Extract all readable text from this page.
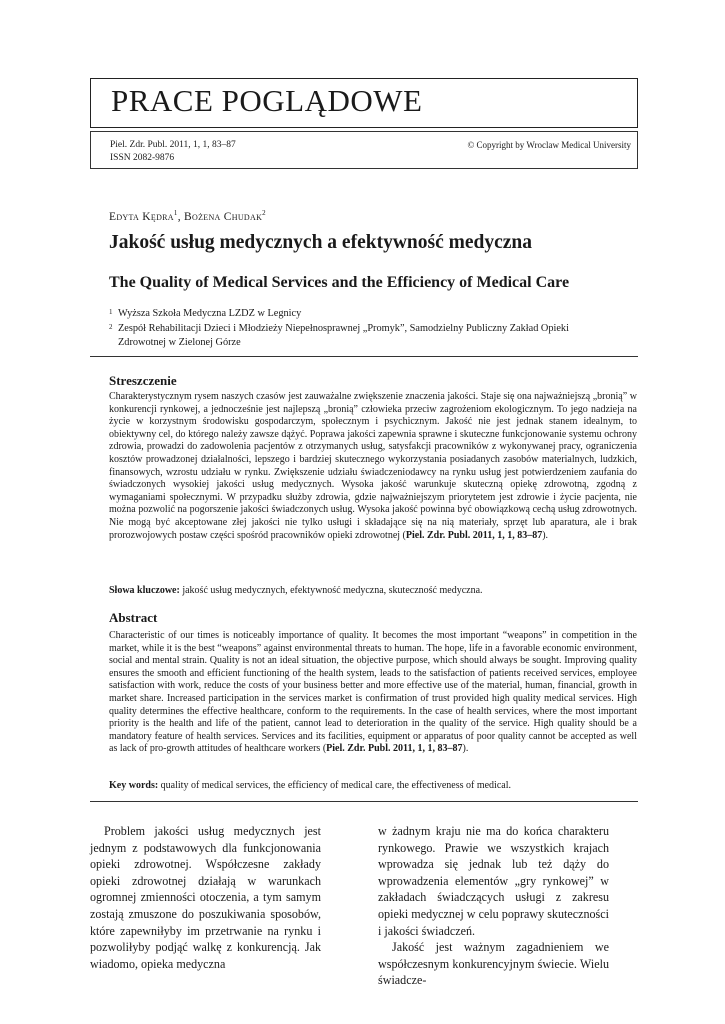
PRACE POGLĄDOWE
Piel. Zdr. Publ. 2011, 1, 1, 83–87
ISSN 2082-9876
© Copyright by Wroclaw Medical University
Edyta Kędra$^1$, Bożena Chudak$^2$
Jakość usług medycznych a efektywność medyczna
The Quality of Medical Services and the Efficiency of Medical Care
1 Wyższa Szkoła Medyczna LZDZ w Legnicy
2 Zespół Rehabilitacji Dzieci i Młodzieży Niepełnosprawnej „Promyk”, Samodzielny Publiczny Zakład Opieki Zdrowotnej w Zielonej Górze
Streszczenie
Charakterystycznym rysem naszych czasów jest zauważalne zwiększenie znaczenia jakości. Staje się ona najważniejszą „bronią” w konkurencji rynkowej, a jednocześnie jest najlepszą „bronią” człowieka przeciw zagrożeniom ekologicznym. To jego nadzieja na życie w korzystnym środowisku gospodarczym, społecznym i psychicznym. Jakość nie jest jednak stanem idealnym, to obiektywny cel, do którego należy zawsze dążyć. Poprawa jakości zapewnia sprawne i skuteczne funkcjonowanie systemu ochrony zdrowia, prowadzi do zadowolenia pacjentów z otrzymanych usług, satysfakcji pracowników z wykonywanej pracy, ograniczenia kosztów prowadzonej działalności, lepszego i bardziej skutecznego wykorzystania posiadanych zasobów materialnych, ludzkich, finansowych, wzrostu udziału w rynku. Zwiększenie udziału świadczeniodawcy na rynku usług jest potwierdzeniem zaufania do świadczonych wysokiej jakości usług medycznych. Wysoka jakość warunkuje skuteczną opiekę zdrowotną, zgodną z wymaganiami społecznymi. W przypadku służby zdrowia, gdzie najważniejszym priorytetem jest zdrowie i życie pacjenta, nie można pozwolić na pogorszenie jakości świadczonych usług. Wysoka jakość powinna być obowiązkową cechą usług zdrowotnych. Nie mogą być akceptowane złej jakości nie tylko usługi i składające się na nią materiały, sprzęt lub aparatura, ale i brak prorozwojowych postaw części spośród pracowników opieki zdrowotnej (Piel. Zdr. Publ. 2011, 1, 1, 83–87).
Słowa kluczowe: jakość usług medycznych, efektywność medyczna, skuteczność medyczna.
Abstract
Characteristic of our times is noticeably importance of quality. It becomes the most important “weapons” in competition in the market, while it is the best “weapons” against environmental threats to human. The hope, life in a favorable economic environment, social and mental strain. Quality is not an ideal situation, the objective purpose, which should always be sought. Improving quality ensures the smooth and efficient functioning of the health system, leads to the satisfaction of patients received services, employee satisfaction with work, reduce the costs of your business better and more effective use of the material, human, financial, growth in market share. Increased participation in the services market is confirmation of trust provided high quality medical services. High quality determines the effective healthcare, conform to the requirements. In the case of health services, where the most important priority is the health and life of the patient, cannot lead to deterioration in the quality of the service. High quality should be a mandatory feature of health services. Services and its facilities, equipment or apparatus of poor quality cannot be accepted as well as lack of pro-growth attitudes of healthcare workers (Piel. Zdr. Publ. 2011, 1, 1, 83–87).
Key words: quality of medical services, the efficiency of medical care, the effectiveness of medical.

Problem jakości usług medycznych jest jednym z podstawowych dla funkcjonowania opieki zdrowotnej. Współczesne zakłady opieki zdrowotnej działają w warunkach ogromnej zmienności otoczenia, a tym samym zostają zmuszone do poszukiwania sposobów, które zapewniłyby im przetrwanie na rynku i pozwoliłyby podjąć walkę z konkurencją. Jak wiadomo, opieka medyczna

w żadnym kraju nie ma do końca charakteru rynkowego. Prawie we wszystkich krajach wprowadza się jednak lub też dąży do wprowadzenia elementów „gry rynkowej” w zakładach świadczących usługi z zakresu opieki medycznej w celu poprawy skuteczności i jakości świadczeń.

Jakość jest ważnym zagadnieniem we współczesnym konkurencyjnym świecie. Wielu świadcze-
